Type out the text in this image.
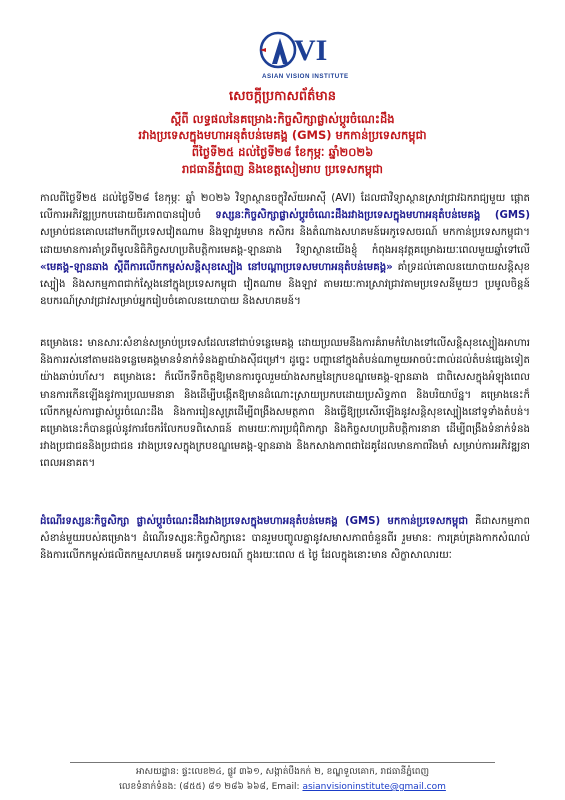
VI
ASIAN VISION INSTITUTE
សេចក្តីប្រកាសព័ត៌មាន
ស្តីពី លទ្ធផលនៃគម្រោង:កិច្ចសិក្សាផ្លាស់ប្តូរចំណេះដឹង
រវាងប្រទេសក្នុងមហាអនុតំបន់មេគង្គ (GMS) មកកាន់ប្រទេសកម្ពុជា
ពីថ្ងៃទី២៥ ដល់ថ្ងៃទី២៨ ខែកុម្ភៈ ឆ្នាំ២០២៦
រាជធានីភ្នំពេញ និងខេត្តសៀមរាប ប្រទេសកម្ពុជា

កាលពីថ្ងៃទី២៥ ដល់ថ្ងៃទី២៨ ខែកុម្ភៈ ឆ្នាំ ២០២៦ វិទ្យាស្ថានចក្ខុវិស័យអាស៊ី (AVI) ដែលជាវិទ្យាស្ថានស្រាវជ្រាវឯករាជ្យមួយ ផ្តោតលើការអភិវឌ្ឍប្រកបដោយចីរភាពបានរៀបចំ ទស្សនៈកិច្ចសិក្សាផ្លាស់ប្តូរចំណេះដឹងរវាងប្រទេសក្នុងមហាអនុតំបន់មេគង្គ (GMS) សម្រាប់ជនគោលដៅមកពីប្រទេសវៀតណាម និងឡាវរួមមាន កសិករ និងតំណាងសហគមន៍អេកូទេសចរណ៍ មកកាន់ប្រទេសកម្ពុជា។ ដោយមានការគាំទ្រពីមូលនិធិកិច្ចសហប្រតិបត្តិការមេគង្គ-ឡានឆាង វិទ្យាស្ថានយើងខ្ញុំ កំពុងអនុវត្តគម្រោងរយៈពេលមួយឆ្នាំទៅលើ «មេគង្គ-ឡានឆាង ស្តីពីការលើកកម្ពស់សន្តិសុខស្បៀង នៅបណ្តាប្រទេសមហាអនុតំបន់មេគង្គ» គាំទ្រដល់គោលនយោបាយសន្តិសុខស្បៀង និងសកម្មភាពជាក់ស្តែងនៅក្នុងប្រទេសកម្ពុជា វៀតណាម និងឡាវ តាមរយៈការស្រាវជ្រាវតាមប្រទេសនីមួយៗ ប្រមូលចិន្តន៍ ឧបករណ៍ស្រាវជ្រាវសម្រាប់អ្នករៀបចំគោលនយោបាយ និងសហគមន៍។

គម្រោងនេះ មានសារៈសំខាន់សម្រាប់ប្រទេសដែលនៅជាប់ទន្លេមេគង្គ ដោយប្រឈមនឹងការគំរាមកំហែងទៅលើសន្តិសុខស្បៀងអាហារ និងការរស់នៅតាមដងទន្លេមេគង្គមានទំនាក់ទំនងគ្នាយ៉ាងស៊ីជម្រៅ។ ដូច្នេះ បញ្ហានៅក្នុងតំបន់ណាមួយអាចប៉ះពាល់ដល់តំបន់ផ្សេងទៀតយ៉ាងឆាប់រហ័ស។ គម្រោងនេះ ក៏លើកទឹកចិត្តឱ្យមានការចូលរួមយ៉ាងសកម្មនៃក្របខណ្ឌមេគង្គ-ឡានឆាង ជាពិសេសក្នុងអំឡុងពេលមានការកើនឡើងនូវការប្រឈមនានា និងដើម្បីបង្កើតឱ្យមានដំណោះស្រាយប្រកបដោយប្រសិទ្ធភាព និងបរិយាប័ន្ន។ គម្រោងនេះក៏លើកកម្ពស់ការផ្លាស់ប្តូរចំណេះដឹង និងការរៀនសូត្រដើម្បីពង្រឹងសមត្ថភាព និងធ្វើឱ្យប្រសើរឡើងនូវសន្តិសុខស្បៀងនៅទូទាំងតំបន់។ គម្រោងនេះក៏បានផ្តល់នូវការចែករំលែកបទពិសោធន៍ តាមរយៈការប្រជុំពិភាក្សា និងកិច្ចសហប្រតិបត្តិការនានា ដើម្បីពង្រឹងទំនាក់ទំនងរវាងប្រជាជននិងប្រជាជន រវាងប្រទេសក្នុងក្របខណ្ឌមេគង្គ-ឡានឆាង និងកសាងភាពជាដៃគូដែលមានភាពរឹងមាំ សម្រាប់ការអភិវឌ្ឍនាពេលអនាគត។

ដំណើរទស្សនៈកិច្ចសិក្សា ផ្លាស់ប្តូរចំណេះដឹងរវាងប្រទេសក្នុងមហាអនុតំបន់មេគង្គ (GMS) មកកាន់ប្រទេសកម្ពុជា គឺជាសកម្មភាព សំខាន់មួយរបស់គម្រោង។ ដំណើរទស្សនៈកិច្ចសិក្សានេះ បានរួមបញ្ចូលគ្នានូវសមាសភាពចំនួនពីរ រួមមាន: ការគ្រប់គ្រងកាកសំណល់ និងការលើកកម្ពស់ផលិតកម្មសហគមន៍ អេកូទេសចរណ៍ ក្នុងរយៈពេល ៥ ថ្ងៃ ដែលក្នុងនោះមាន សិក្ខាសាលារយៈ

អាសយដ្ឋាន: ផ្ទះលេខ២៤, ផ្លូវ ៣៦១, សង្កាត់បឹងកក់ ២, ខណ្ឌទួលគោក, រាជធានីភ្នំពេញ
លេខទំនាក់ទំនង: (៨៥៥) ៨១ ២៨៦ ៦៦៨, Email: asianvisioninstitute@gmail.com
